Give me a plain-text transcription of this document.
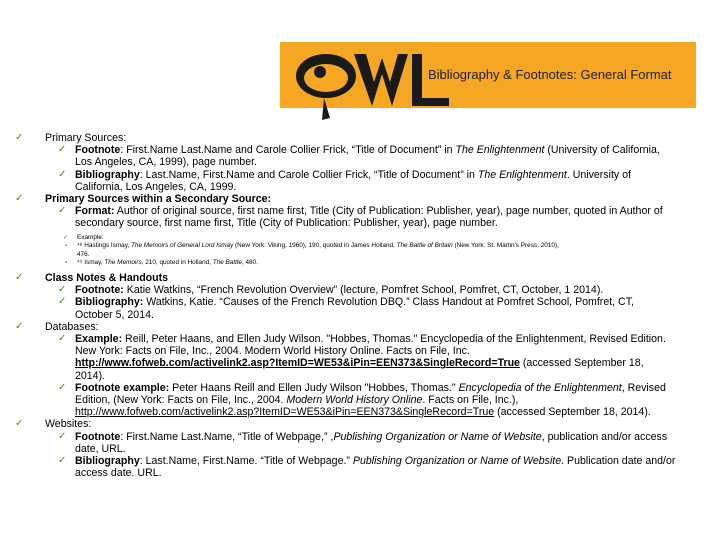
Bibliography & Footnotes: General Format
✓ Primary Sources:
✓ Footnote: First.Name Last.Name and Carole Collier Frick, “Title of Document” in The Enlightenment (University of California,
Los Angeles, CA, 1999), page number.
✓ Bibliography: Last.Name, First.Name and Carole Collier Frick, “Title of Document” in The Enlightenment. University of
California, Los Angeles, CA, 1999.
✓ Primary Sources within a Secondary Source:
✓ Format: Author of original source, first name first, Title (City of Publication: Publisher, year), page number, quoted in Author of
secondary source, first name first, Title (City of Publication: Publisher, year), page number.
✓ Example:
▪ ⁴⁸ Hastings Ismay, The Memoirs of General Lord Ismay (New York: Viking, 1960), 190, quoted in James Holland, The Battle of Britain (New York: St. Martin’s Press, 2010),
476.
▪ ⁴⁹ Ismay, The Memoirs, 210, quoted in Holland, The Battle, 480.
✓ Class Notes & Handouts
✓ Footnote: Katie Watkins, “French Revolution Overview” (lecture, Pomfret School, Pomfret, CT, October, 1 2014).
✓ Bibliography: Watkins, Katie. “Causes of the French Revolution DBQ.” Class Handout at Pomfret School, Pomfret, CT,
October 5, 2014.
✓ Databases:
✓ Example: Reill, Peter Haans, and Ellen Judy Wilson. "Hobbes, Thomas." Encyclopedia of the Enlightenment, Revised Edition.
New York: Facts on File, Inc., 2004. Modern World History Online. Facts on File, Inc.
http://www.fofweb.com/activelink2.asp?ItemID=WE53&iPin=EEN373&SingleRecord=True (accessed September 18,
2014).
✓ Footnote example: Peter Haans Reill and Ellen Judy Wilson "Hobbes, Thomas." Encyclopedia of the Enlightenment, Revised
Edition, (New York: Facts on File, Inc., 2004. Modern World History Online. Facts on File, Inc.),
http://www.fofweb.com/activelink2.asp?ItemID=WE53&iPin=EEN373&SingleRecord=True (accessed September 18, 2014).
✓ Websites:
✓ Footnote: First.Name Last.Name, “Title of Webpage,” ,Publishing Organization or Name of Website, publication and/or access
date, URL.
✓ Bibliography: Last.Name, First.Name. “Title of Webpage.” Publishing Organization or Name of Website. Publication date and/or
access date. URL.
